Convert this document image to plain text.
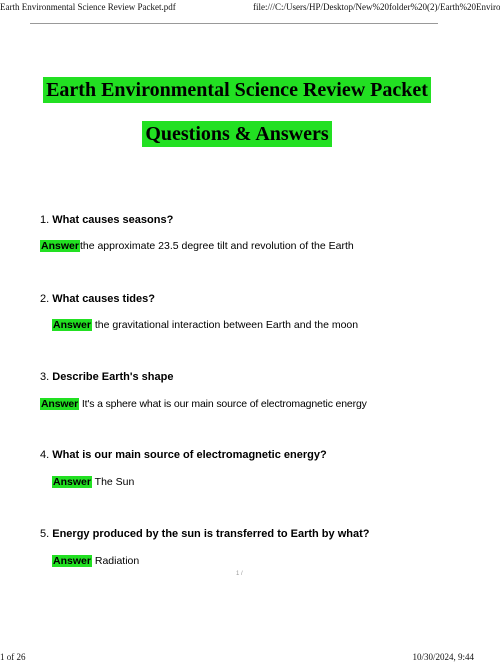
Earth Environmental Science Review Packet.pdf	file:///C:/Users/HP/Desktop/New%20folder%20(2)/Earth%20Enviro
Earth Environmental Science Review Packet
Questions & Answers
1. What causes seasons?
Answerthe approximate 23.5 degree tilt and revolution of the Earth
2. What causes tides?
Answer the gravitational interaction between Earth and the moon
3. Describe Earth's shape
Answer It's a sphere what is our main source of electromagnetic energy
4. What is our main source of electromagnetic energy?
Answer The Sun
5. Energy produced by the sun is transferred to Earth by what?
Answer Radiation
1 /
1 of 26	10/30/2024, 9:44
